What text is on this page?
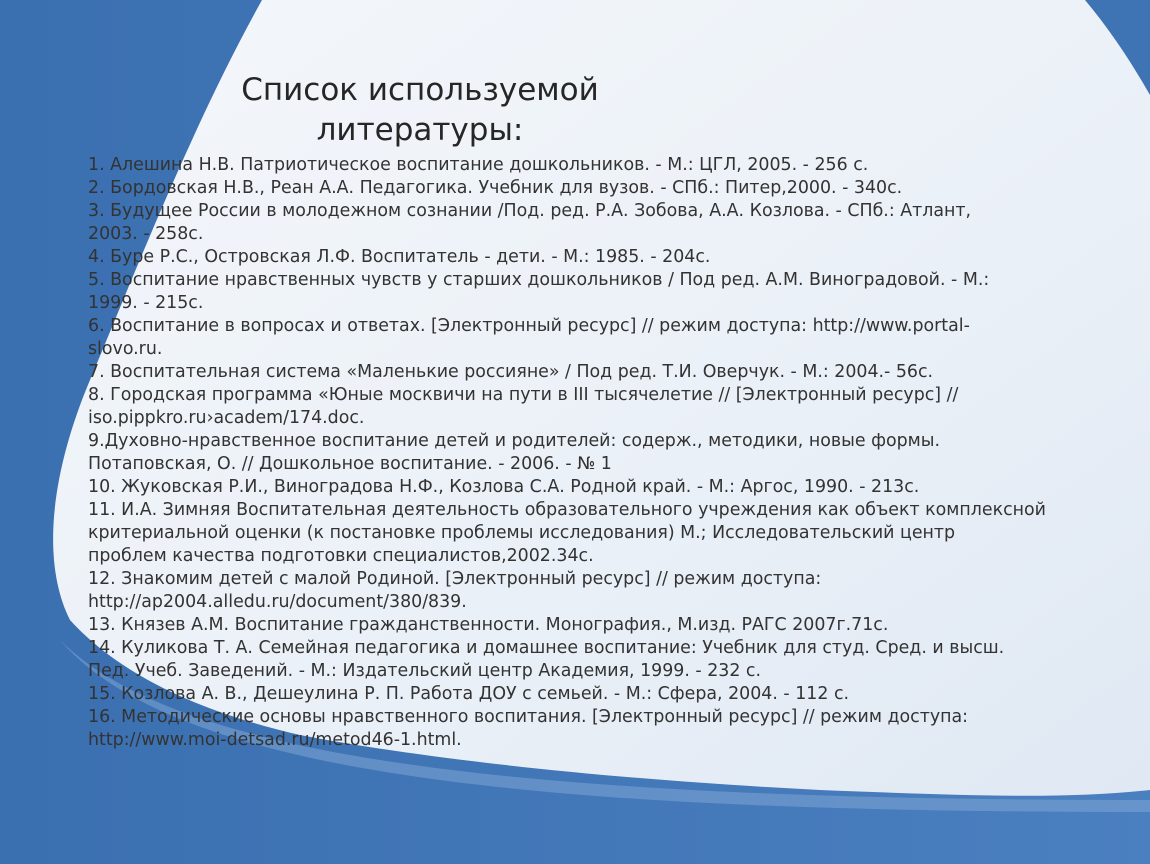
Список используемой
литературы:
1. Алешина Н.В. Патриотическое воспитание дошкольников. - М.: ЦГЛ, 2005. - 256 с.
2. Бордовская Н.В., Реан А.А. Педагогика. Учебник для вузов. - СПб.: Питер,2000. - 340с.
3. Будущее России в молодежном сознании /Под. ред. Р.А. Зобова, А.А. Козлова. - СПб.: Атлант,
2003. - 258с.
4. Буре Р.С., Островская Л.Ф. Воспитатель - дети. - М.: 1985. - 204с.
5. Воспитание нравственных чувств у старших дошкольников / Под ред. А.М. Виноградовой. - М.:
1999. - 215с.
6. Воспитание в вопросах и ответах. [Электронный ресурс] // режим доступа: http://www.portal-
slovo.ru.
7. Воспитательная система «Маленькие россияне» / Под ред. Т.И. Оверчук. - М.: 2004.- 56с.
8. Городская программа «Юные москвичи на пути в III тысячелетие // [Электронный ресурс] //
iso.pippkro.ru›academ/174.doc.
9.Духовно-нравственное воспитание детей и родителей: содерж., методики, новые формы.
Потаповская, О. // Дошкольное воспитание. - 2006. - № 1
10. Жуковская Р.И., Виноградова Н.Ф., Козлова С.А. Родной край. - М.: Аргос, 1990. - 213с.
11. И.А. Зимняя Воспитательная деятельность образовательного учреждения как объект комплексной
критериальной оценки (к постановке проблемы исследования) М.; Исследовательский центр
проблем качества подготовки специалистов,2002.34с.
12. Знакомим детей с малой Родиной. [Электронный ресурс] // режим доступа:
http://ap2004.alledu.ru/document/380/839.
13. Князев А.М. Воспитание гражданственности. Монография., М.изд. РАГС 2007г.71с.
14. Куликова Т. А. Семейная педагогика и домашнее воспитание: Учебник для студ. Сред. и высш.
Пед. Учеб. Заведений. - М.: Издательский центр Академия, 1999. - 232 с.
15. Козлова А. В., Дешеулина Р. П. Работа ДОУ с семьей. - М.: Сфера, 2004. - 112 с.
16. Методические основы нравственного воспитания. [Электронный ресурс] // режим доступа:
http://www.moi-detsad.ru/metod46-1.html.
